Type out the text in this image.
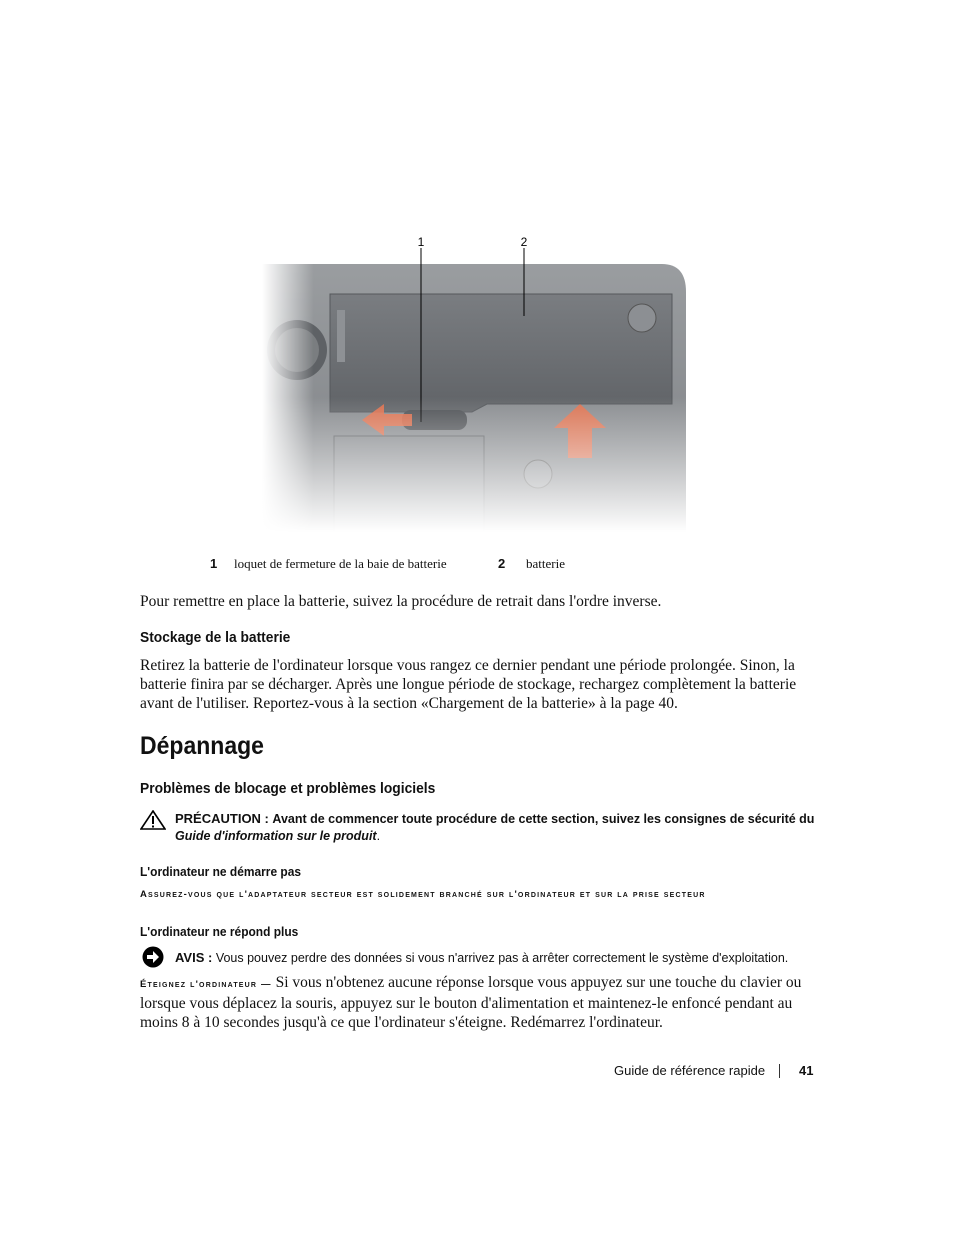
1	2
1 loquet de fermeture de la baie de batterie	2 batterie
Pour remettre en place la batterie, suivez la procédure de retrait dans l'ordre inverse.
Stockage de la batterie
Retirez la batterie de l'ordinateur lorsque vous rangez ce dernier pendant une période prolongée. Sinon, la batterie finira par se décharger. Après une longue période de stockage, rechargez complètement la batterie avant de l'utiliser. Reportez-vous à la section «Chargement de la batterie» à la page 40.
Dépannage
Problèmes de blocage et problèmes logiciels
PRÉCAUTION : Avant de commencer toute procédure de cette section, suivez les consignes de sécurité du
Guide d'information sur le produit.
L'ordinateur ne démarre pas
Assurez-vous que l'adaptateur secteur est solidement branché sur l'ordinateur et sur la prise secteur
L'ordinateur ne répond plus
AVIS : Vous pouvez perdre des données si vous n'arrivez pas à arrêter correctement le système d'exploitation.
Éteignez l'ordinateur — Si vous n'obtenez aucune réponse lorsque vous appuyez sur une touche du clavier ou lorsque vous déplacez la souris, appuyez sur le bouton d'alimentation et maintenez-le enfoncé pendant au moins 8 à 10 secondes jusqu'à ce que l'ordinateur s'éteigne. Redémarrez l'ordinateur.
Guide de référence rapide	41
